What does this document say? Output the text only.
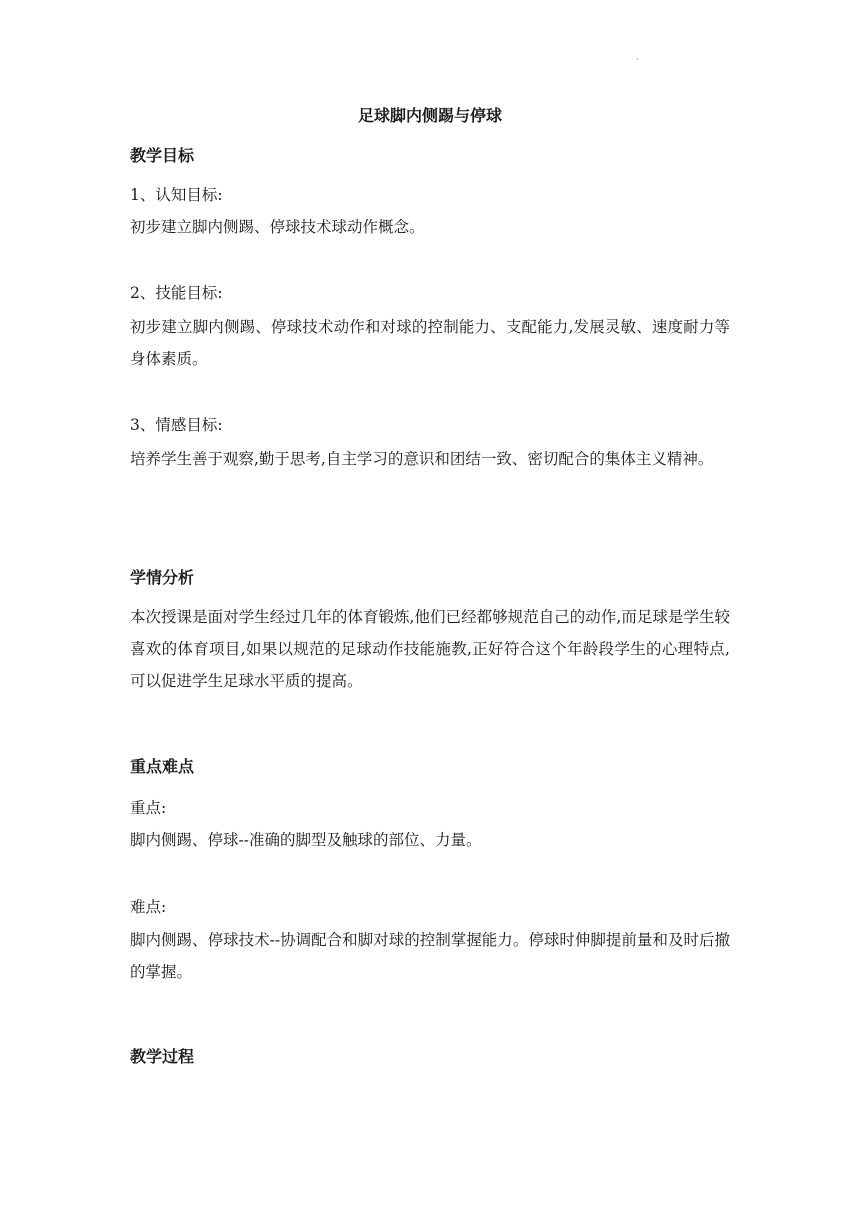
·
足球脚内侧踢与停球
教学目标

1、认知目标:

初步建立脚内侧踢、停球技术球动作概念。

2、技能目标:

初步建立脚内侧踢、停球技术动作和对球的控制能力、支配能力,发展灵敏、速度耐力等身体素质。

3、情感目标:

培养学生善于观察,勤于思考,自主学习的意识和团结一致、密切配合的集体主义精神。

学情分析

本次授课是面对学生经过几年的体育锻炼,他们已经都够规范自己的动作,而足球是学生较喜欢的体育项目,如果以规范的足球动作技能施教,正好符合这个年龄段学生的心理特点,可以促进学生足球水平质的提高。

重点难点

重点:

脚内侧踢、停球--准确的脚型及触球的部位、力量。

难点:

脚内侧踢、停球技术--协调配合和脚对球的控制掌握能力。停球时伸脚提前量和及时后撤的掌握。

教学过程
